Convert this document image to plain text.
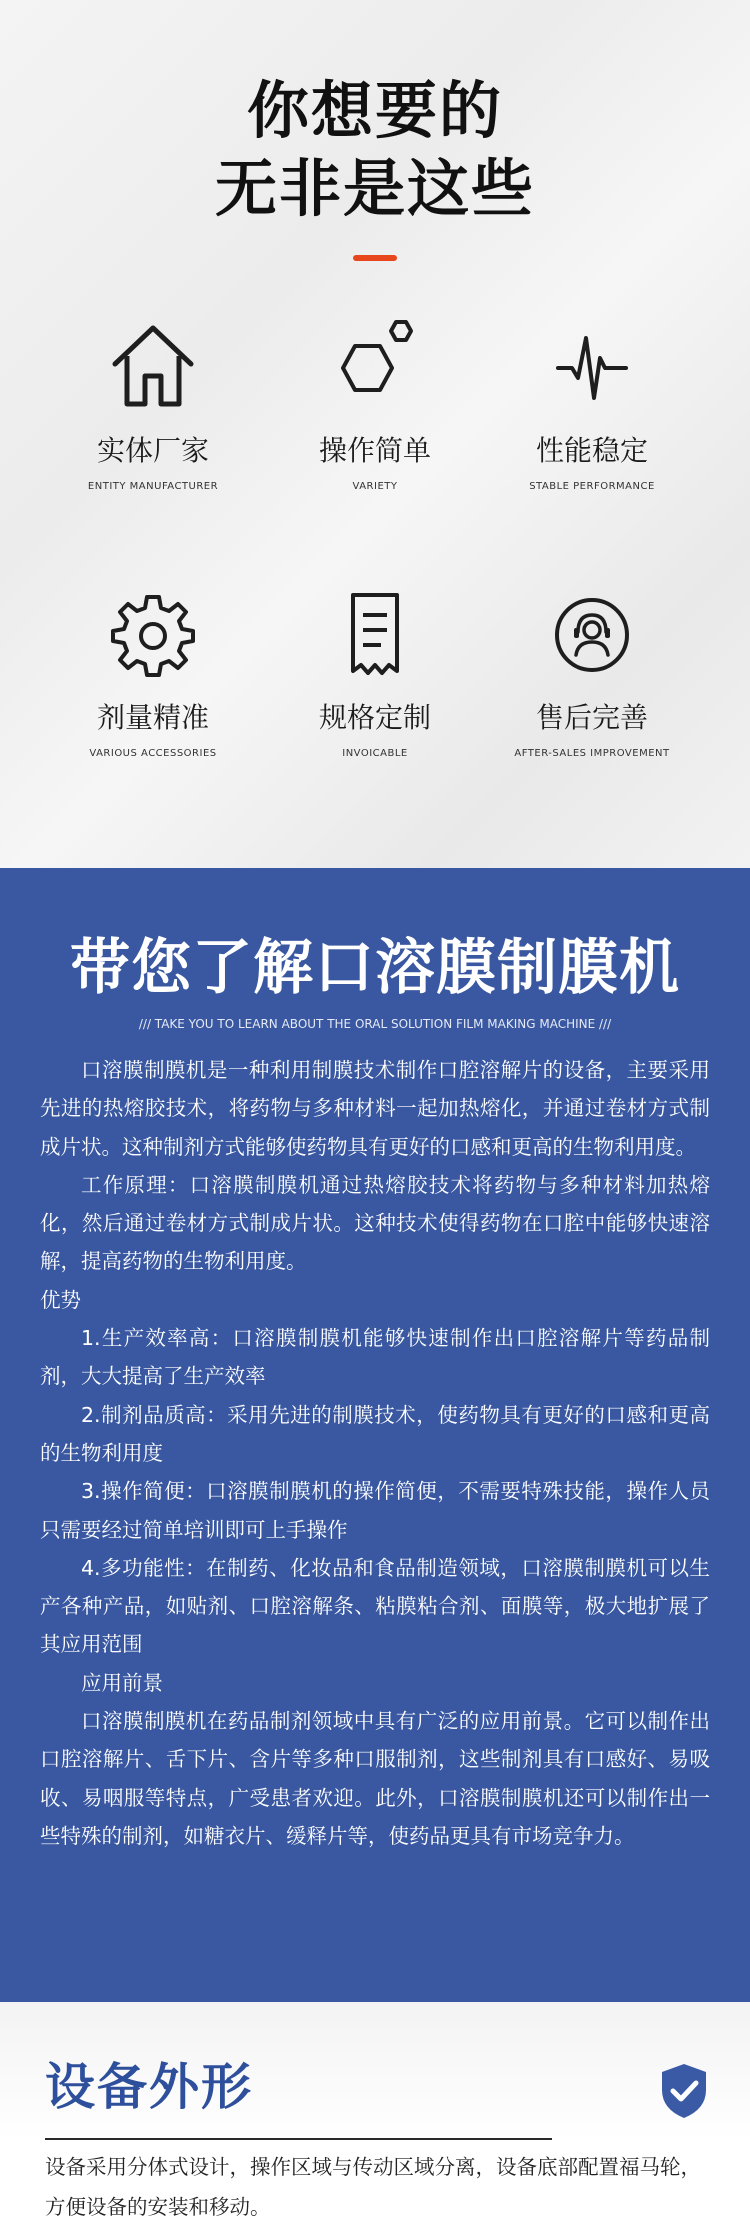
你想要的
无非是这些
实体厂家
ENTITY MANUFACTURER
操作简单
VARIETY
性能稳定
STABLE PERFORMANCE
剂量精准
VARIOUS ACCESSORIES
规格定制
INVOICABLE
售后完善
AFTER-SALES IMPROVEMENT
带您了解口溶膜制膜机
/// TAKE YOU TO LEARN ABOUT THE ORAL SOLUTION FILM MAKING MACHINE ///

口溶膜制膜机是一种利用制膜技术制作口腔溶解片的设备，主要采用先进的热熔胶技术，将药物与多种材料一起加热熔化，并通过卷材方式制成片状。这种制剂方式能够使药物具有更好的口感和更高的生物利用度。

工作原理：口溶膜制膜机通过热熔胶技术将药物与多种材料加热熔化，然后通过卷材方式制成片状。这种技术使得药物在口腔中能够快速溶解，提高药物的生物利用度。

优势

1.生产效率高：口溶膜制膜机能够快速制作出口腔溶解片等药品制剂，大大提高了生产效率

2.制剂品质高：采用先进的制膜技术，使药物具有更好的口感和更高的生物利用度

3.操作简便：口溶膜制膜机的操作简便，不需要特殊技能，操作人员只需要经过简单培训即可上手操作

4.多功能性：在制药、化妆品和食品制造领域，口溶膜制膜机可以生产各种产品，如贴剂、口腔溶解条、粘膜粘合剂、面膜等，极大地扩展了其应用范围

应用前景

口溶膜制膜机在药品制剂领域中具有广泛的应用前景。它可以制作出口腔溶解片、舌下片、含片等多种口服制剂，这些制剂具有口感好、易吸收、易咽服等特点，广受患者欢迎。此外，口溶膜制膜机还可以制作出一些特殊的制剂，如糖衣片、缓释片等，使药品更具有市场竞争力。

设备外形
设备采用分体式设计，操作区域与传动区域分离，设备底部配置福马轮，方便设备的安装和移动。
